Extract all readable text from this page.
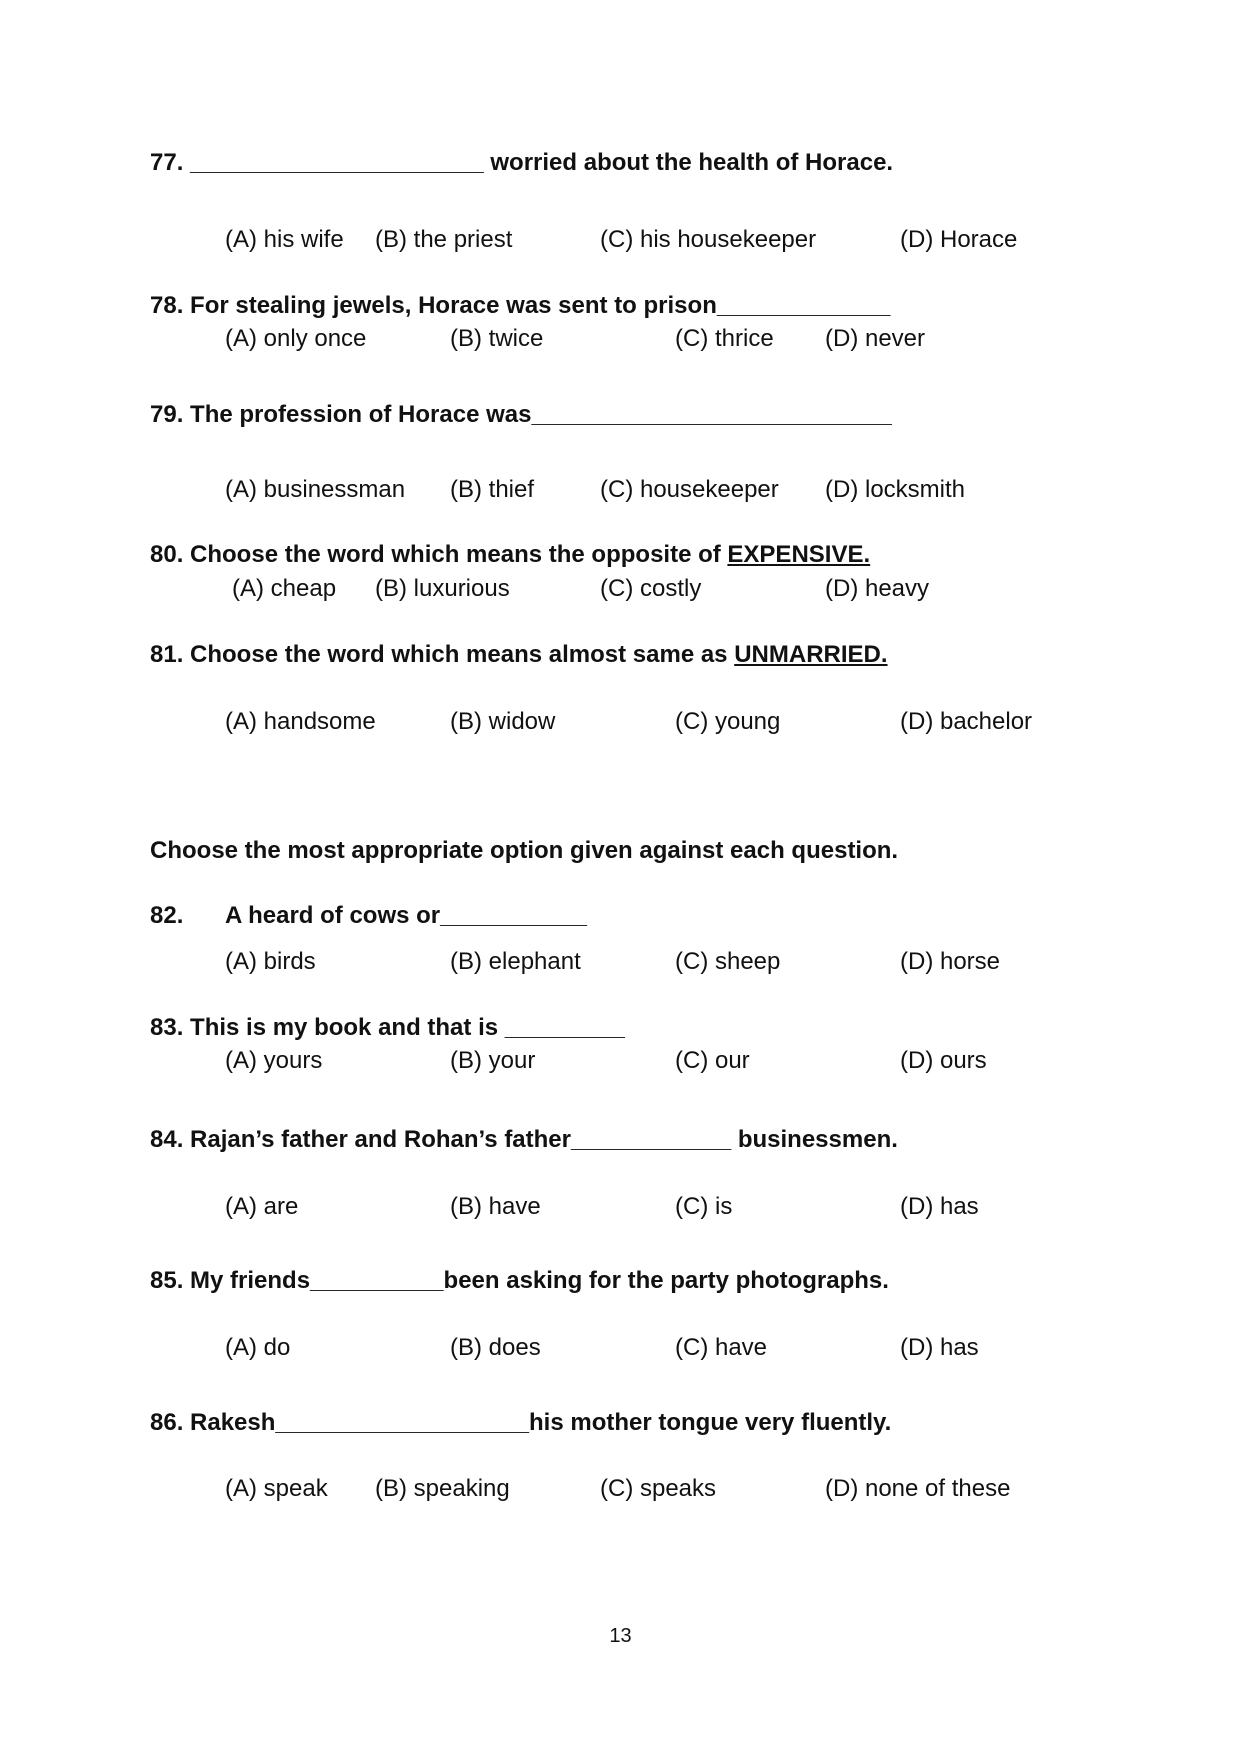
77. ______________________ worried about the health of Horace.
(A) his wife (B) the priest	(C) his housekeeper	(D) Horace
78. For stealing jewels, Horace was sent to prison_____________
(A) only once	(B) twice	(C) thrice (D) never
79. The profession of Horace was___________________________
(A) businessman (B) thief	(C) housekeeper (D) locksmith
80. Choose the word which means the opposite of EXPENSIVE.
(A) cheap (B) luxurious	(C) costly	(D) heavy
81. Choose the word which means almost same as UNMARRIED.
(A) handsome	(B) widow	(C) young	(D) bachelor
Choose the most appropriate option given against each question.
82. A heard of cows or___________
(A) birds	(B) elephant	(C) sheep	(D) horse
83. This is my book and that is _________
(A) yours	(B) your	(C) our	(D) ours
84. Rajan’s father and Rohan’s father____________ businessmen.
(A) are	(B) have	(C) is	(D) has
85. My friends__________been asking for the party photographs.
(A) do	(B) does	(C) have	(D) has
86. Rakesh___________________his mother tongue very fluently.
(A) speak (B) speaking	(C) speaks	(D) none of these
13
